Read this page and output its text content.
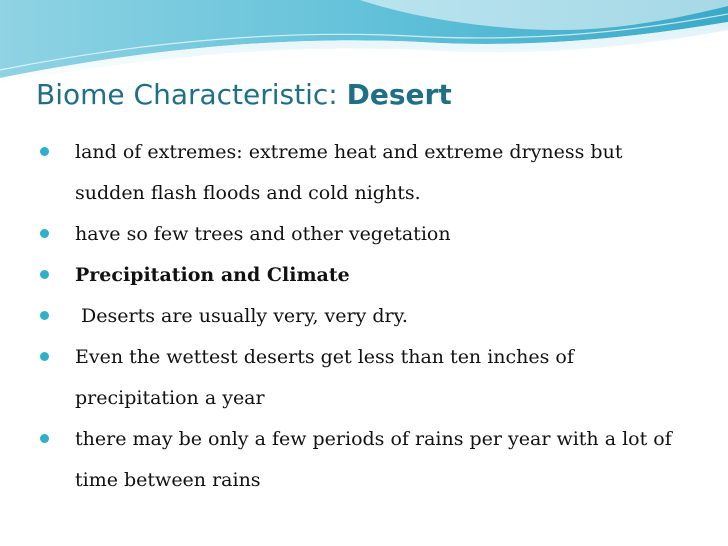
Biome Characteristic: Desert
land of extremes: extreme heat and extreme dryness but sudden flash floods and cold nights.
have so few trees and other vegetation
Precipitation and Climate
Deserts are usually very, very dry.
Even the wettest deserts get less than ten inches of precipitation a year
there may be only a few periods of rains per year with a lot of time between rains
